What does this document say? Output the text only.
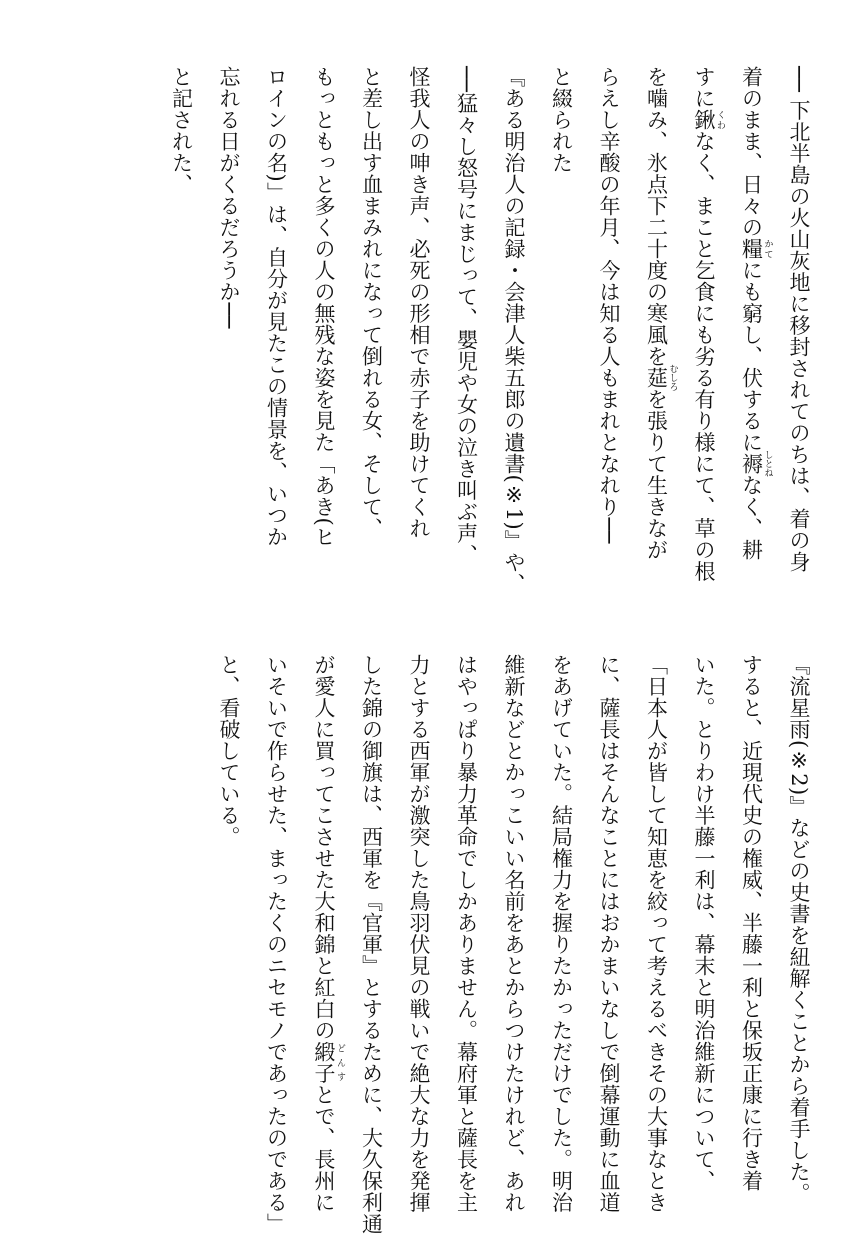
── 下北半島の火山灰地に移封されてのちは、着の身
着のまま、日々の糧 かてにも窮し、伏するに褥 しとねなく、耕
すに鍬 くわなく、まこと乞食にも劣る有り様にて、草の根
を噛み、氷点下二十度の寒風を莚 むしろを張りて生きなが
らえし辛酸の年月、今は知る人もまれとなれり──
と綴られた
『ある明治人の記録・会津人柴五郎の遺書(※1)』や、
──猛々し怒号にまじって、嬰児や女の泣き叫ぶ声、
怪我人の呻き声、必死の形相で赤子を助けてくれ
と差し出す血まみれになって倒れる女、そして、
もっともっと多くの人の無残な姿を見た「あき(ヒ
ロインの名)」は、自分が見たこの情景を、いつか
忘れる日がくるだろうか──
と記された、
『流星雨(※2)』などの史書を紐解くことから着手した。
すると、近現代史の権威、半藤一利と保坂正康に行き着
いた。とりわけ半藤一利は、幕末と明治維新について、
「日本人が皆して知恵を絞って考えるべきその大事なとき
に、薩長はそんなことにはおかまいなしで倒幕運動に血道
をあげていた。結局権力を握りたかっただけでした。明治
維新などとかっこいい名前をあとからつけたけれど、あれ
はやっぱり暴力革命でしかありません。幕府軍と薩長を主
力とする西軍が激突した鳥羽伏見の戦いで絶大な力を発揮
した錦の御旗は、西軍を『官軍』とするために、大久保利通
が愛人に買ってこさせた大和錦と紅白の緞子 どんすとで、長州に
いそいで作らせた、まったくのニセモノであったのである」
と、看破している。
